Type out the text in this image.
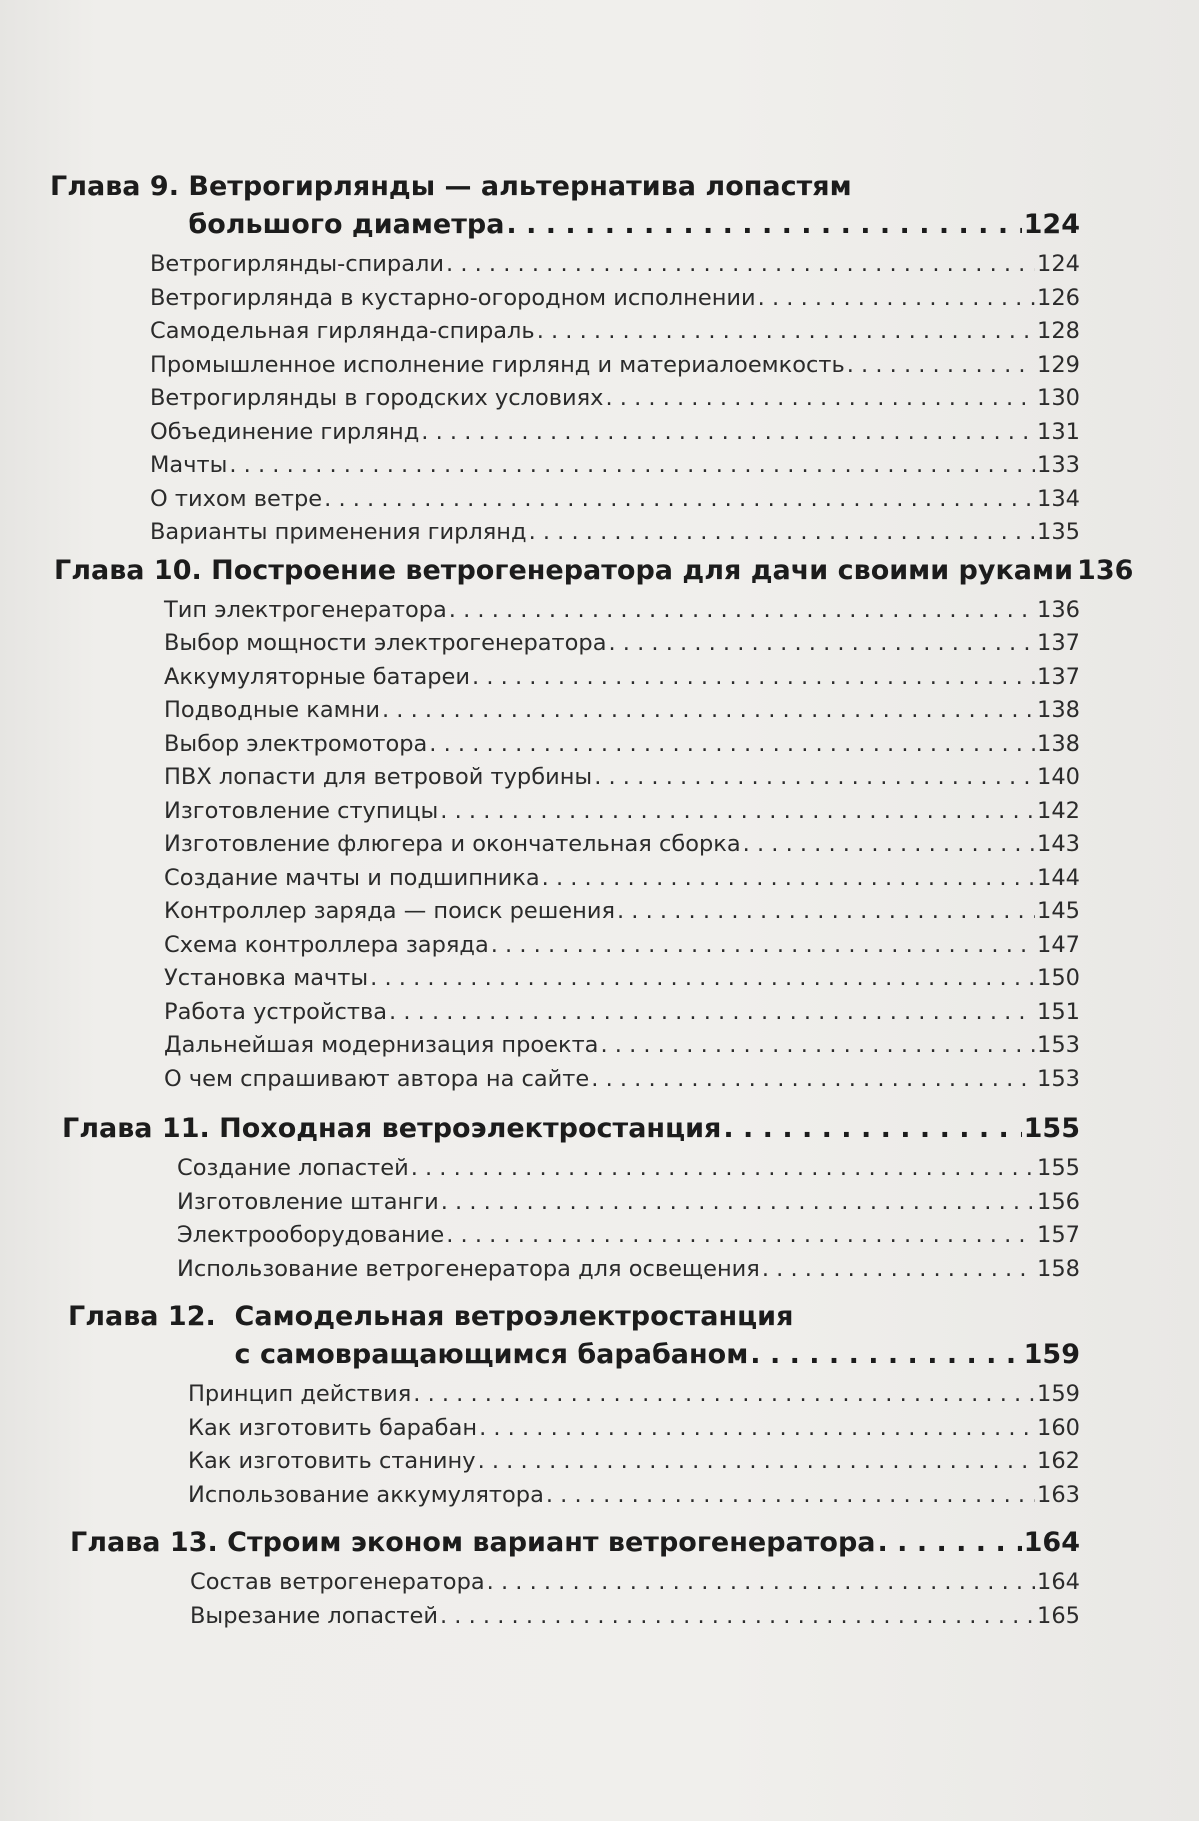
Глава 9. Ветрогирлянды — альтернатива лопастям
большого диаметра . . .	124
Ветрогирлянды-спирали . . .	124
Ветрогирлянда в кустарно-огородном исполнении . . .	126
Самодельная гирлянда-спираль . . .	128
Промышленное исполнение гирлянд и материалоемкость . . .	129
Ветрогирлянды в городских условиях . . .	130
Объединение гирлянд . . .	131
Мачты . . .	133
О тихом ветре . . .	134
Варианты применения гирлянд . . .	135
Глава 10. Построение ветрогенератора для дачи своими руками 136
Тип электрогенератора . . .	136
Выбор мощности электрогенератора . . .	137
Аккумуляторные батареи . . .	137
Подводные камни . . .	138
Выбор электромотора . . .	138
ПВХ лопасти для ветровой турбины . . .	140
Изготовление ступицы . . .	142
Изготовление флюгера и окончательная сборка . . .	143
Создание мачты и подшипника . . .	144
Контроллер заряда — поиск решения . . .	145
Схема контроллера заряда . . .	147
Установка мачты . . .	150
Работа устройства . . .	151
Дальнейшая модернизация проекта . . .	153
О чем спрашивают автора на сайте . . .	153
Глава 11. Походная ветроэлектростанция . . .	155
Создание лопастей . . .	155
Изготовление штанги . . .	156
Электрооборудование . . .	157
Использование ветрогенератора для освещения . . .	158
Глава 12. Самодельная ветроэлектростанция
с самовращающимся барабаном . . .	159
Принцип действия . . .	159
Как изготовить барабан . . .	160
Как изготовить станину . . .	162
Использование аккумулятора . . .	163
Глава 13. Строим эконом вариант ветрогенератора . . .	164
Состав ветрогенератора . . .	164
Вырезание лопастей . . .	165
